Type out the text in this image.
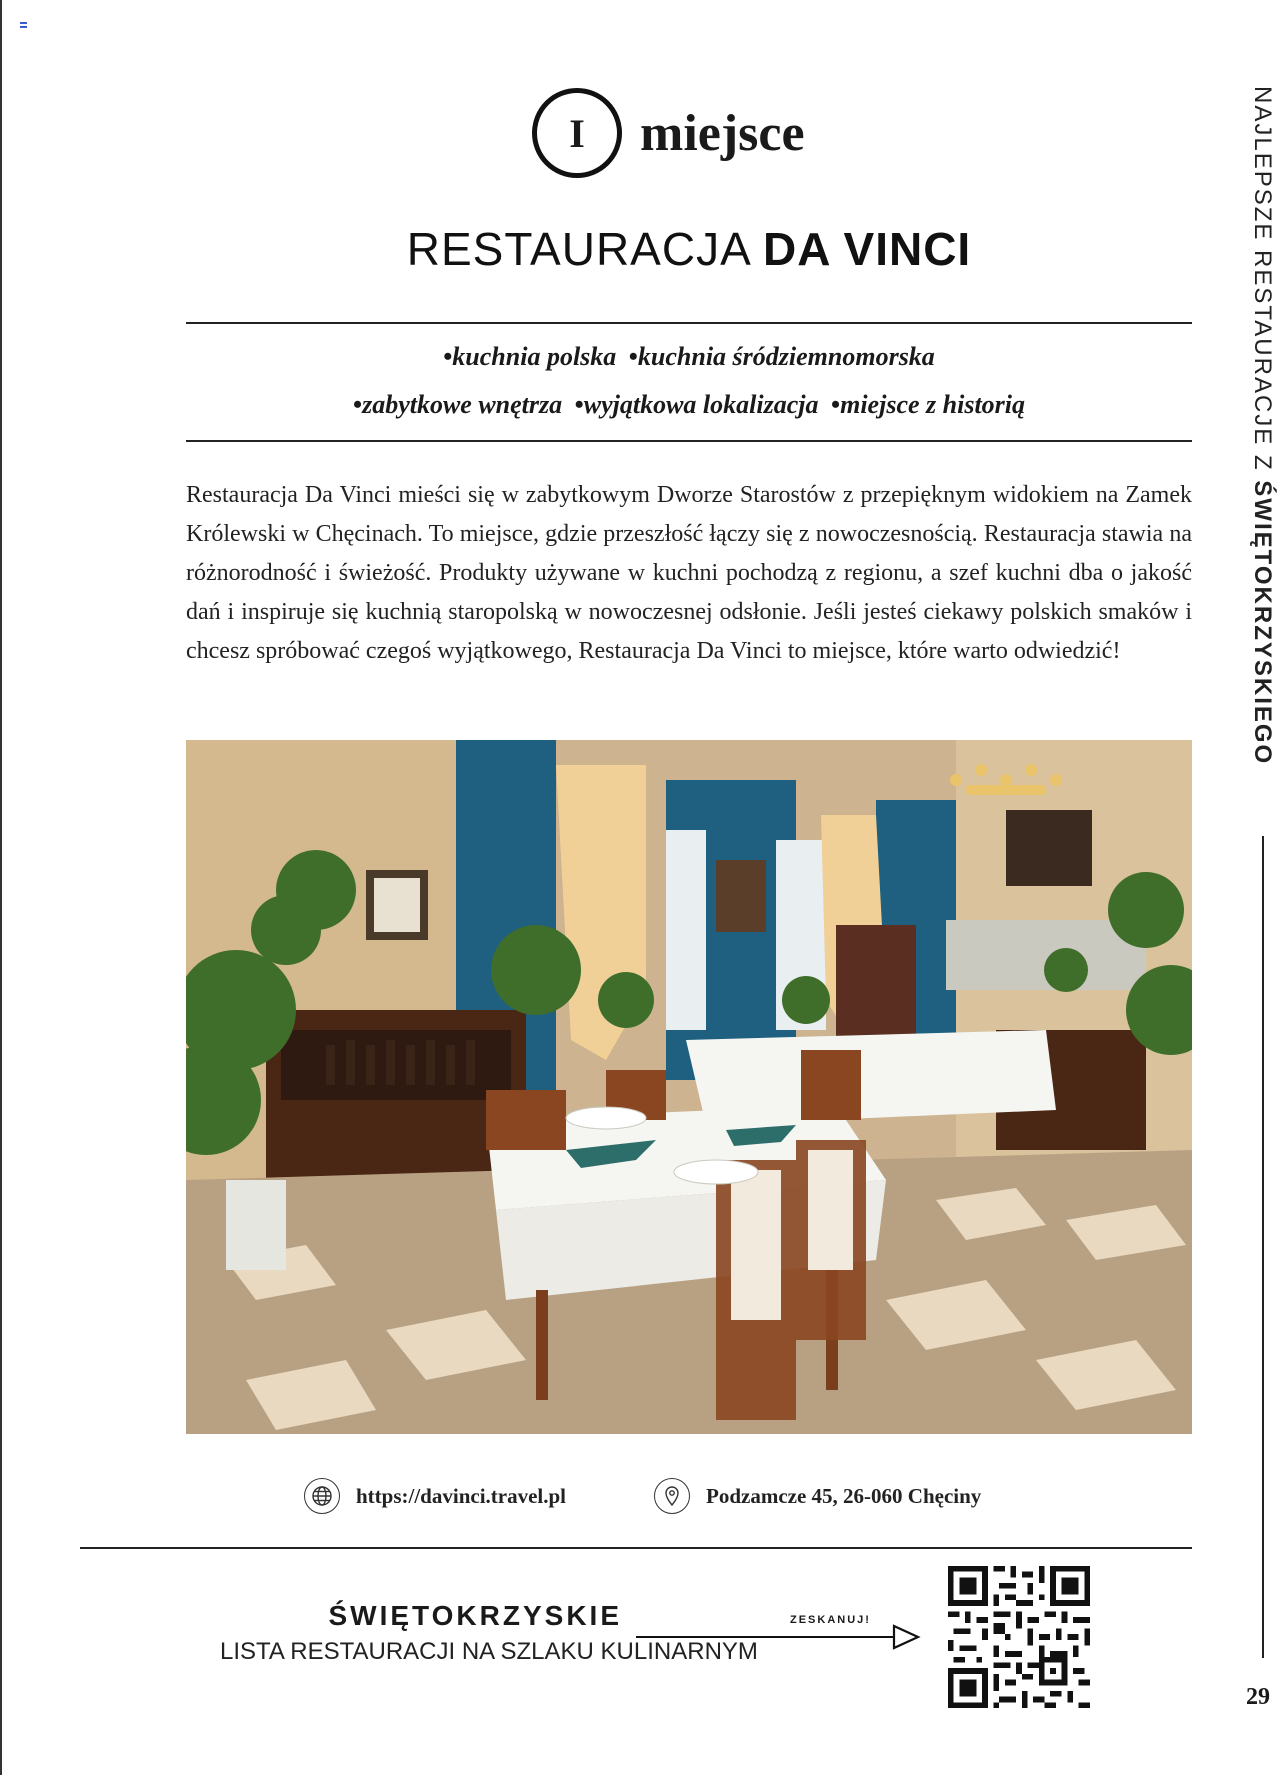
I	miejsce
RESTAURACJA DA VINCI
• kuchnia polska • kuchnia śródziemnomorska
• zabytkowe wnętrza • wyjątkowa lokalizacja • miejsce z historią

Restauracja Da Vinci mieści się w zabytkowym Dworze Starostów z przepięknym widokiem na Zamek Królewski w Chęcinach. To miejsce, gdzie przeszłość łączy się z nowoczesnością. Restauracja stawia na różnorodność i świeżość. Produkty używane w kuchni pochodzą z regionu, a szef kuchni dba o jakość dań i inspiruje się kuchnią staropolską w nowoczesnej odsłonie. Jeśli jesteś ciekawy polskich smaków i chcesz spróbować czegoś wyjątkowego, Restauracja Da Vinci to miejsce, które warto odwiedzić!

https://davinci.travel.pl	Podzamcze 45, 26-060 Chęciny
ŚWIĘTOKRZYSKIE
LISTA RESTAURACJI NA SZLAKU KULINARNYM
ZESKANUJ!
NAJLEPSZE RESTAURACJE Z ŚWIĘTOKRZYSKIEGO
29
